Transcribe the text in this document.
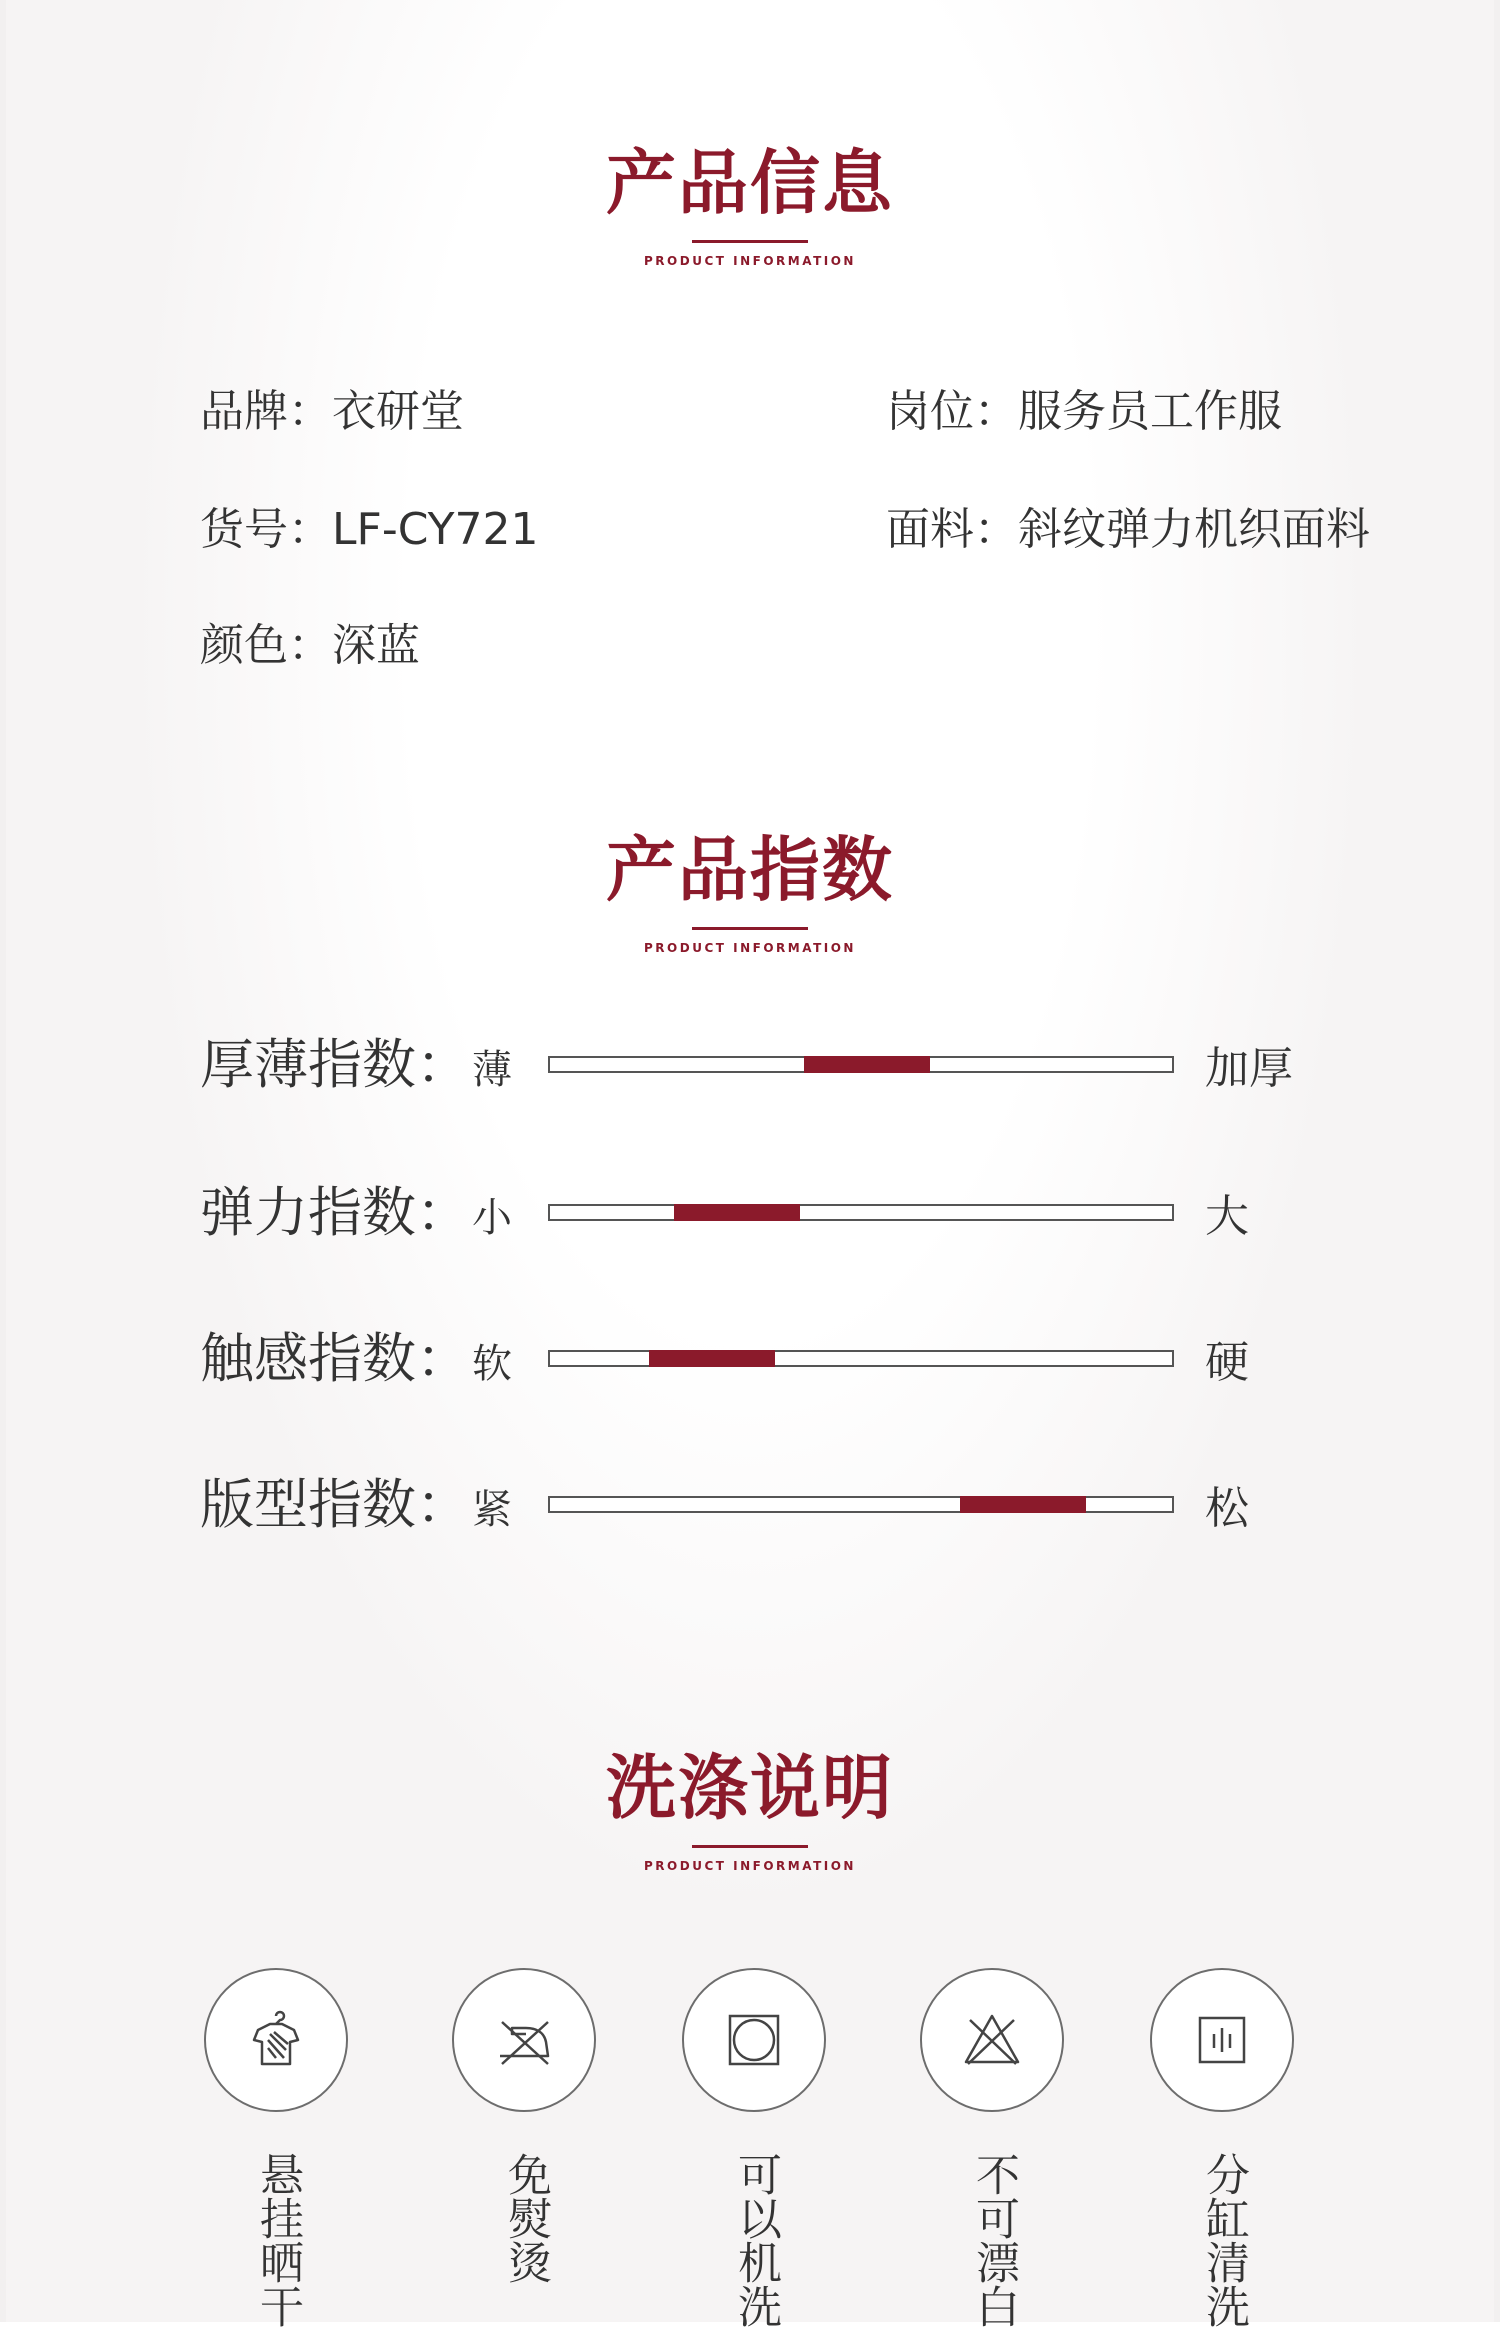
产品信息
PRODUCT INFORMATION
品牌：衣研堂	岗位：服务员工作服
货号：LF-CY721	面料：斜纹弹力机织面料
颜色：深蓝
产品指数
PRODUCT INFORMATION
厚薄指数： 薄	加厚
弹力指数： 小	大
触感指数： 软	硬
版型指数： 紧	松
洗涤说明
PRODUCT INFORMATION
悬挂晒干	免熨烫	可以机洗	不可漂白	分缸清洗
